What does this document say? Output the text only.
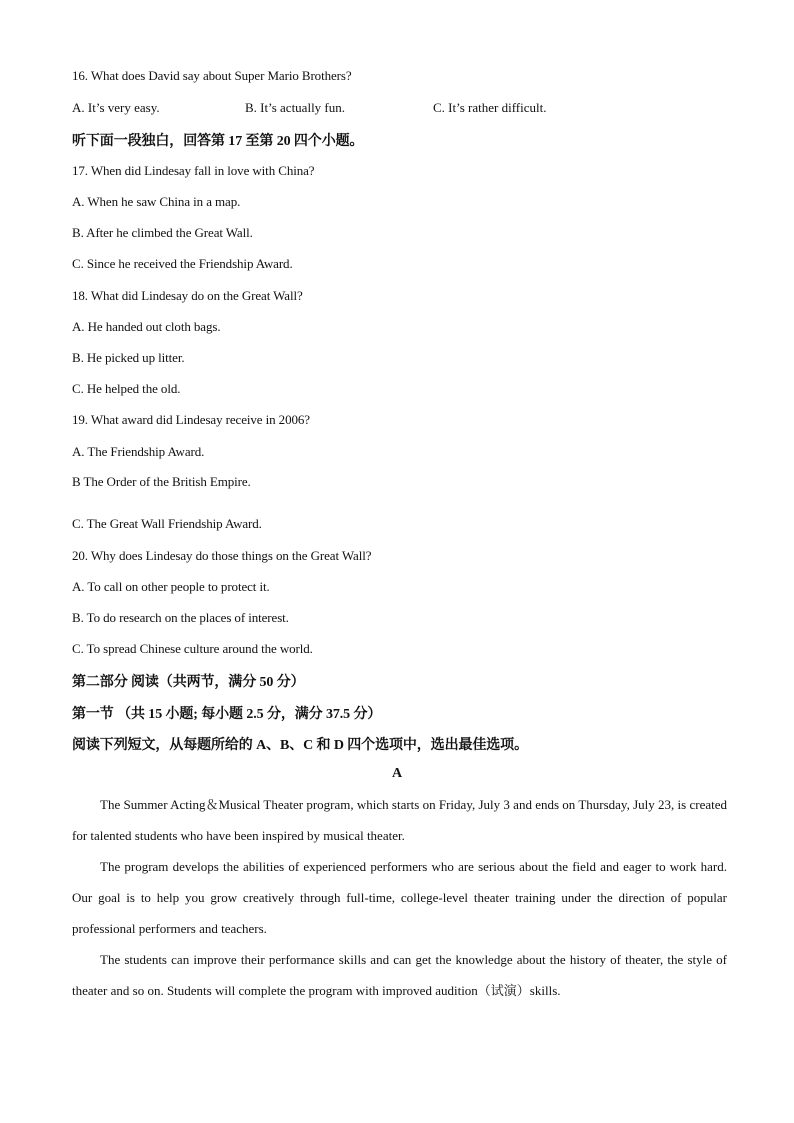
16. What does David say about Super Mario Brothers?
A. It’s very easy.	B. It’s actually fun.	C. It’s rather difficult.
听下面一段独白，回答第 17 至第 20 四个小题。
17. When did Lindesay fall in love with China?
A. When he saw China in a map.
B. After he climbed the Great Wall.
C. Since he received the Friendship Award.
18. What did Lindesay do on the Great Wall?
A. He handed out cloth bags.
B. He picked up litter.
C. He helped the old.
19. What award did Lindesay receive in 2006?
A. The Friendship Award.
B The Order of the British Empire.
C. The Great Wall Friendship Award.
20. Why does Lindesay do those things on the Great Wall?
A. To call on other people to protect it.
B. To do research on the places of interest.
C. To spread Chinese culture around the world.
第二部分 阅读（共两节，满分 50 分）
第一节 （共 15 小题; 每小题 2.5 分，满分 37.5 分）
阅读下列短文，从每题所给的 A、B、C 和 D 四个选项中，选出最佳选项。
A

The Summer Acting＆Musical Theater program, which starts on Friday, July 3 and ends on Thursday, July 23, is created for talented students who have been inspired by musical theater.

The program develops the abilities of experienced performers who are serious about the field and eager to work hard. Our goal is to help you grow creatively through full-time, college-level theater training under the direction of popular professional performers and teachers.

The students can improve their performance skills and can get the knowledge about the history of theater, the style of theater and so on. Students will complete the program with improved audition（试演）skills.
